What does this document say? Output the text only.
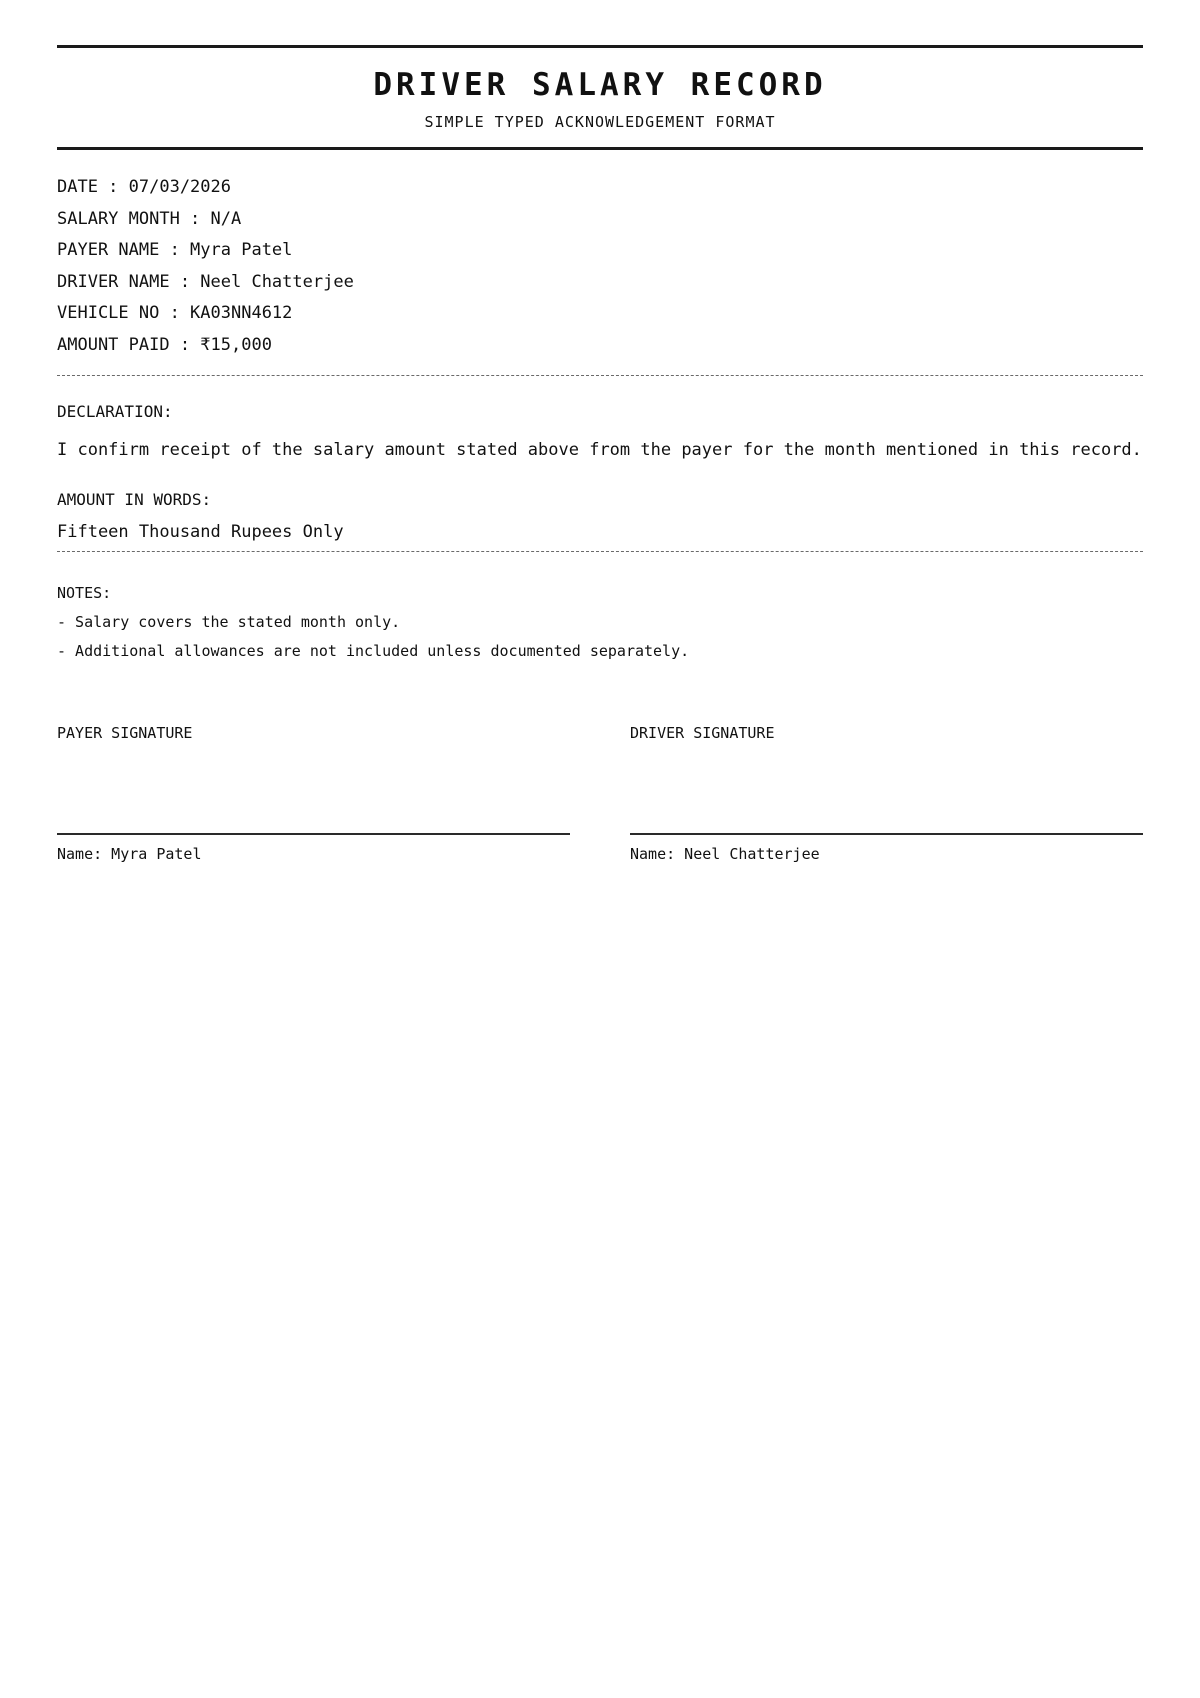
DRIVER SALARY RECORD
SIMPLE TYPED ACKNOWLEDGEMENT FORMAT
DATE : 07/03/2026
SALARY MONTH : N/A
PAYER NAME : Myra Patel
DRIVER NAME : Neel Chatterjee
VEHICLE NO : KA03NN4612
AMOUNT PAID : ₹15,000
DECLARATION:
I confirm receipt of the salary amount stated above from the payer for the month mentioned in this record.
AMOUNT IN WORDS:
Fifteen Thousand Rupees Only
NOTES:
- Salary covers the stated month only.
- Additional allowances are not included unless documented separately.
PAYER SIGNATURE
Name: Myra Patel
DRIVER SIGNATURE
Name: Neel Chatterjee
